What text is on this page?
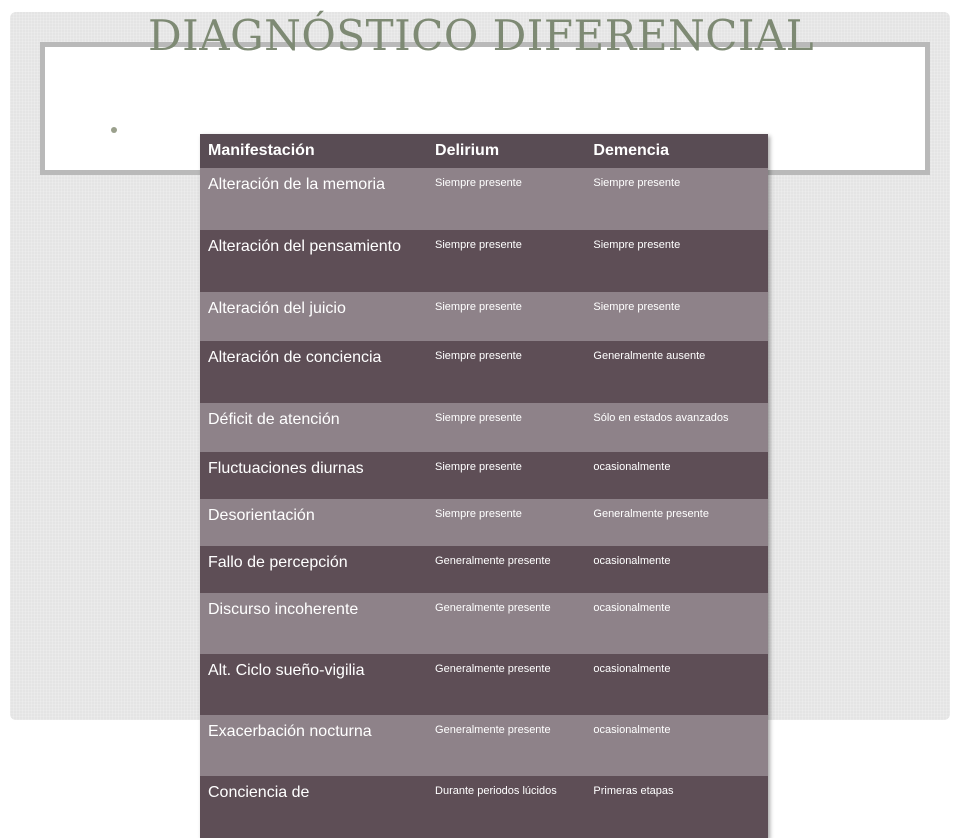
DIAGNÓSTICO DIFERENCIAL
Manifestación	Delirium	Demencia
Alteración de la memoria	Siempre presente	Siempre presente
Alteración del pensamiento	Siempre presente	Siempre presente
Alteración del juicio	Siempre presente	Siempre presente
Alteración de conciencia	Siempre presente	Generalmente ausente
Déficit de atención	Siempre presente	Sólo en estados avanzados
Fluctuaciones diurnas	Siempre presente	ocasionalmente
Desorientación	Siempre presente	Generalmente presente
Fallo de percepción	Generalmente presente	ocasionalmente
Discurso incoherente	Generalmente presente	ocasionalmente
Alt. Ciclo sueño-vigilia	Generalmente presente	ocasionalmente
Exacerbación nocturna	Generalmente presente	ocasionalmente
Conciencia de	Durante periodos lúcidos	Primeras etapas
